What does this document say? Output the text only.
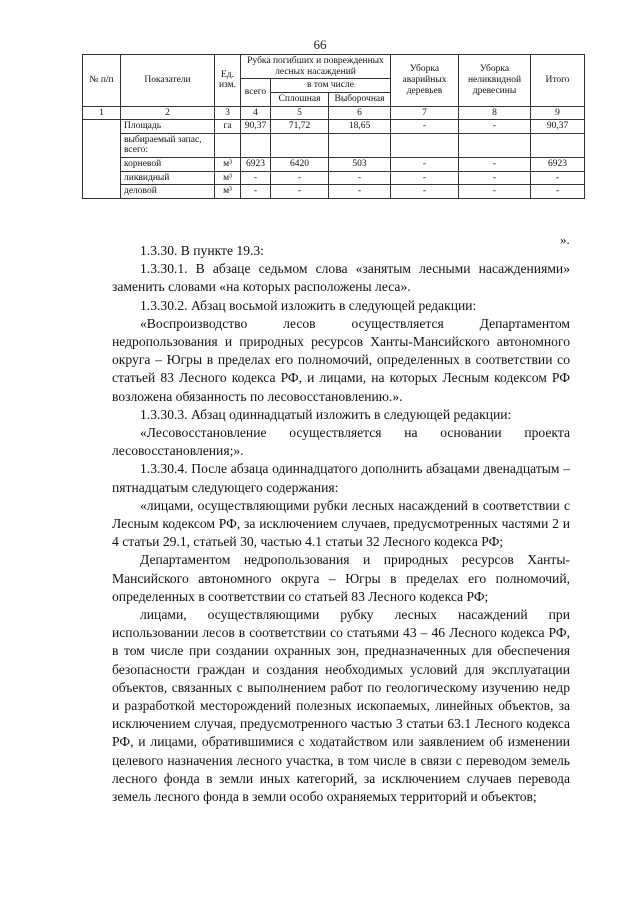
66
№ п/п	Показатели	Ед. изм.	Рубка погибших и поврежденных лесных насаждений			Уборка аварийных деревьев	Уборка неликвидной древесины	Итого
			всего	в том числе				
				Сплошная	Выборочная			
1	2	3	4	5	6	7	8	9
	Площадь	га	90,37	71,72	18,65	-	-	90,37
	выбираемый запас, всего:							
	корневой	м³	6923	6420	503	-	-	6923
	ликвидный	м³	-	-	-	-	-	-
	деловой	м³	-	-	-	-	-	-
».

1.3.30. В пункте 19.3:

1.3.30.1. В абзаце седьмом слова «занятым лесными насаждениями» заменить словами «на которых расположены леса».

1.3.30.2. Абзац восьмой изложить в следующей редакции:

«Воспроизводство лесов осуществляется Департаментом недропользования и природных ресурсов Ханты-Мансийского автономного округа – Югры в пределах его полномочий, определенных в соответствии со статьей 83 Лесного кодекса РФ, и лицами, на которых Лесным кодексом РФ возложена обязанность по лесовосстановлению.».

1.3.30.3. Абзац одиннадцатый изложить в следующей редакции:

«Лесовосстановление осуществляется на основании проекта лесовосстановления;».

1.3.30.4. После абзаца одиннадцатого дополнить абзацами двенадцатым – пятнадцатым следующего содержания:

«лицами, осуществляющими рубки лесных насаждений в соответствии с Лесным кодексом РФ, за исключением случаев, предусмотренных частями 2 и 4 статьи 29.1, статьей 30, частью 4.1 статьи 32 Лесного кодекса РФ;

Департаментом недропользования и природных ресурсов Ханты-Мансийского автономного округа – Югры в пределах его полномочий, определенных в соответствии со статьей 83 Лесного кодекса РФ;

лицами, осуществляющими рубку лесных насаждений при использовании лесов в соответствии со статьями 43 – 46 Лесного кодекса РФ, в том числе при создании охранных зон, предназначенных для обеспечения безопасности граждан и создания необходимых условий для эксплуатации объектов, связанных с выполнением работ по геологическому изучению недр и разработкой месторождений полезных ископаемых, линейных объектов, за исключением случая, предусмотренного частью 3 статьи 63.1 Лесного кодекса РФ, и лицами, обратившимися с ходатайством или заявлением об изменении целевого назначения лесного участка, в том числе в связи с переводом земель лесного фонда в земли иных категорий, за исключением случаев перевода земель лесного фонда в земли особо охраняемых территорий и объектов;
